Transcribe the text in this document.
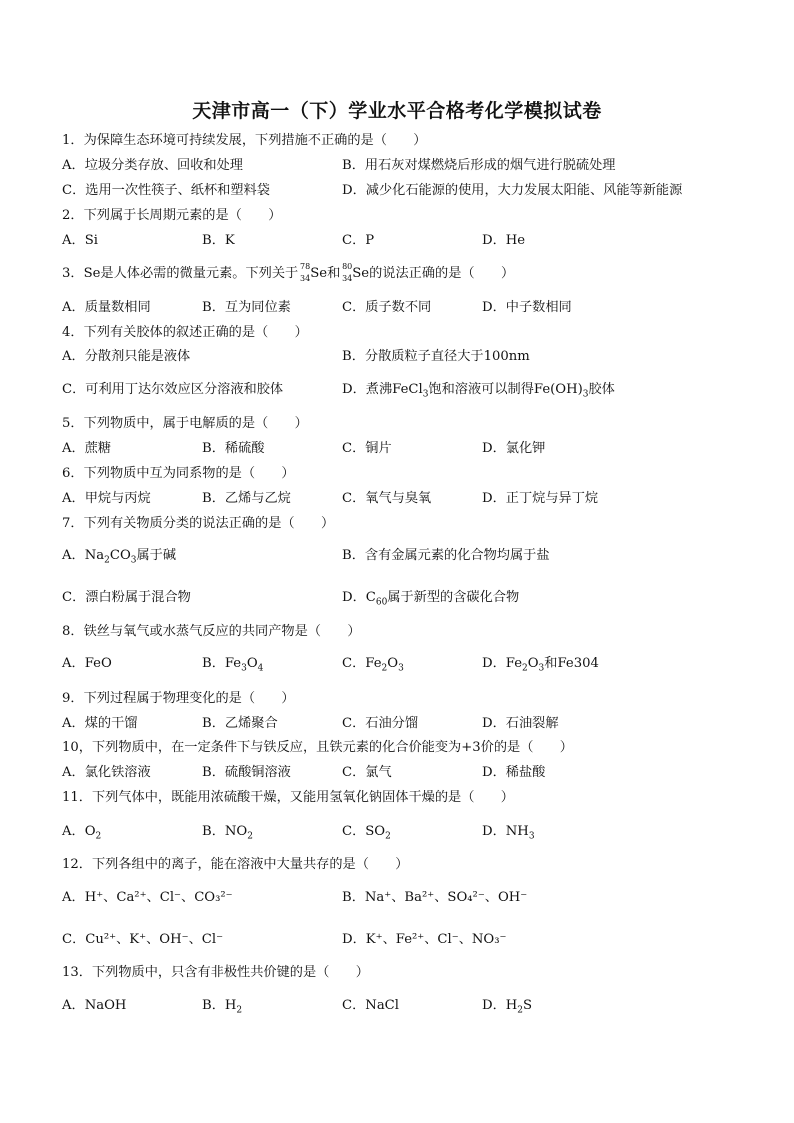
天津市高一（下）学业水平合格考化学模拟试卷
1．为保障生态环境可持续发展，下列措施不正确的是（　　）
A．垃圾分类存放、回收和处理	B．用石灰对煤燃烧后形成的烟气进行脱硫处理
C．选用一次性筷子、纸杯和塑料袋	D．减少化石能源的使用，大力发展太阳能、风能等新能源
2．下列属于长周期元素的是（　　）
A．Si	B．K	C．P	D．He
3．Se是人体必需的微量元素。下列关于 78
34 Se和 80
34 Se的说法正确的是（　　）
A．质量数相同	B．互为同位素	C．质子数不同	D．中子数相同
4．下列有关胶体的叙述正确的是（　　）
A．分散剂只能是液体	B．分散质粒子直径大于100nm
C．可利用丁达尔效应区分溶液和胶体	D．煮沸FeCl$_3$饱和溶液可以制得$Fe(OH)_3$胶体
5．下列物质中，属于电解质的是（　　）
A．蔗糖	B．稀硫酸	C．铜片	D．氯化钾
6．下列物质中互为同系物的是（　　）
A．甲烷与丙烷	B．乙烯与乙烷	C．氧气与臭氧	D．正丁烷与异丁烷
7．下列有关物质分类的说法正确的是（　　）
A．$Na_2CO_3$属于碱	B．含有金属元素的化合物均属于盐
C．漂白粉属于混合物	D．$C_{60}$属于新型的含碳化合物
8．铁丝与氧气或水蒸气反应的共同产物是（　　）
A．FeO	B．$Fe_3O_4$	C．$Fe_2O_3$	D．$Fe_2O_3$和Fe304
9．下列过程属于物理变化的是（　　）
A．煤的干馏	B．乙烯聚合	C．石油分馏	D．石油裂解
10，下列物质中，在一定条件下与铁反应，且铁元素的化合价能变为+3价的是（　　）
A．氯化铁溶液	B．硫酸铜溶液	C．氯气	D．稀盐酸
11．下列气体中，既能用浓硫酸干燥，又能用氢氧化钠固体干燥的是（　　）
A．$O_2$	B．$NO_2$	C．$SO_2$	D．$NH_3$
12．下列各组中的离子，能在溶液中大量共存的是（　　）
A．H⁺、Ca²⁺、Cl⁻、CO₃²⁻	B．Na⁺、Ba²⁺、SO₄²⁻、OH⁻
C．Cu²⁺、K⁺、OH⁻、Cl⁻	D．K⁺、Fe²⁺、Cl⁻、NO₃⁻
13．下列物质中，只含有非极性共价键的是（　　）
A．NaOH	B．$H_2$	C．NaCl	D．$H_2S$
